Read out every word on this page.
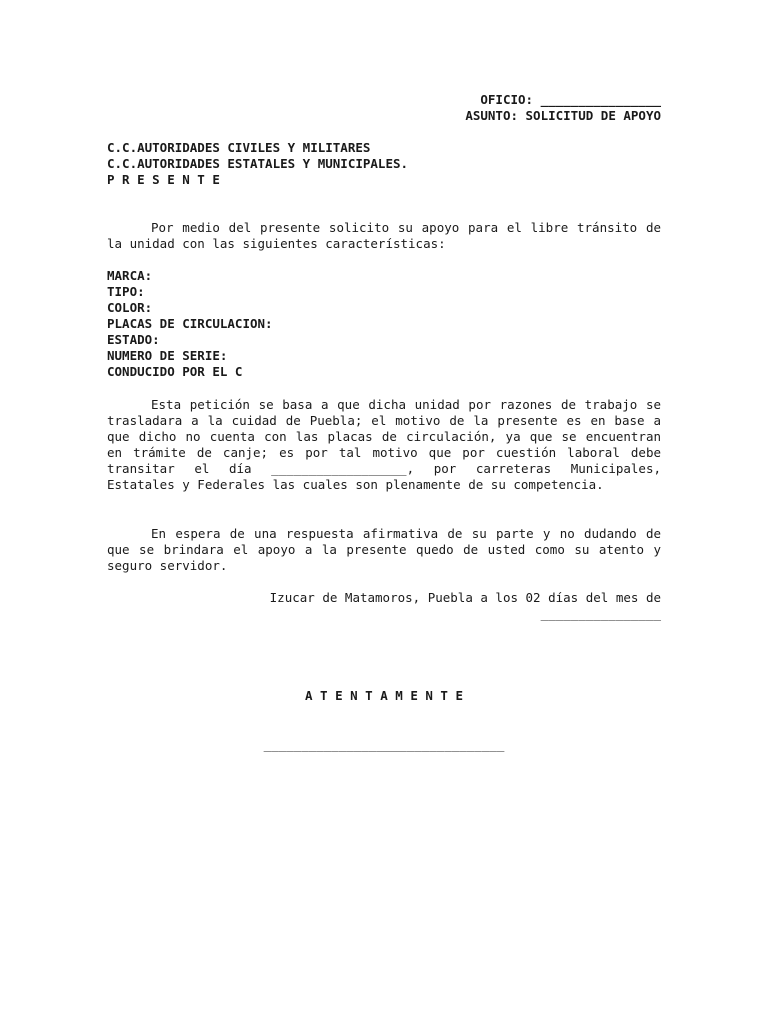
OFICIO: ________________
ASUNTO: SOLICITUD DE APOYO
C.C.AUTORIDADES CIVILES Y MILITARES
C.C.AUTORIDADES ESTATALES Y MUNICIPALES.
P R E S E N T E

Por medio del presente solicito su apoyo para el libre tránsito de la unidad con las siguientes características:

MARCA:
TIPO:
COLOR:
PLACAS DE CIRCULACION:
ESTADO:
NUMERO DE SERIE:
CONDUCIDO POR EL C

Esta petición se basa a que dicha unidad por razones de trabajo se trasladara a la cuidad de Puebla; el motivo de la presente es en base a que dicho no cuenta con las placas de circulación, ya que se encuentran en trámite de canje; es por tal motivo que por cuestión laboral debe transitar el día __________________, por carreteras Municipales, Estatales y Federales las cuales son plenamente de su competencia.

En espera de una respuesta afirmativa de su parte y no dudando de que se brindara el apoyo a la presente quedo de usted como su atento y seguro servidor.

Izucar de Matamoros, Puebla a los 02 días del mes de
________________
A T E N T A M E N T E
________________________________
